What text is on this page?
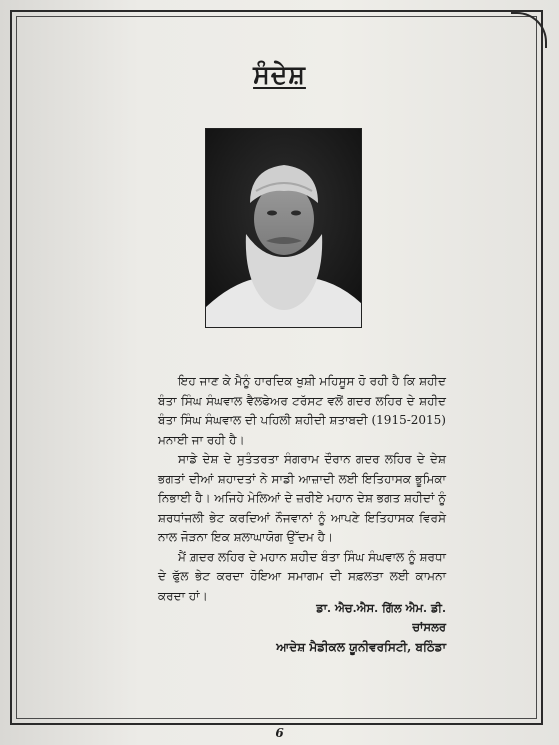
ਸੰਦੇਸ਼

ਇਹ ਜਾਣ ਕੇ ਮੈਨੂੰ ਹਾਰਦਿਕ ਖੁਸ਼ੀ ਮਹਿਸੂਸ ਹੋ ਰਹੀ ਹੈ ਕਿ ਸ਼ਹੀਦ ਬੰਤਾ ਸਿੰਘ ਸੰਘਵਾਲ ਵੈਲਫੇਅਰ ਟਰੱਸਟ ਵਲੋਂ ਗਦਰ ਲਹਿਰ ਦੇ ਸ਼ਹੀਦ ਬੰਤਾ ਸਿੰਘ ਸੰਘਵਾਲ ਦੀ ਪਹਿਲੀ ਸ਼ਹੀਦੀ ਸ਼ਤਾਬਦੀ (1915-2015) ਮਨਾਈ ਜਾ ਰਹੀ ਹੈ।

ਸਾਡੇ ਦੇਸ਼ ਦੇ ਸੁਤੰਤਰਤਾ ਸੰਗਰਾਮ ਦੌਰਾਨ ਗਦਰ ਲਹਿਰ ਦੇ ਦੇਸ਼ ਭਗਤਾਂ ਦੀਆਂ ਸ਼ਹਾਦਤਾਂ ਨੇ ਸਾਡੀ ਆਜ਼ਾਦੀ ਲਈ ਇਤਿਹਾਸਕ ਭੂਮਿਕਾ ਨਿਭਾਈ ਹੈ। ਅਜਿਹੇ ਮੇਲਿਆਂ ਦੇ ਜ਼ਰੀਏ ਮਹਾਨ ਦੇਸ਼ ਭਗਤ ਸ਼ਹੀਦਾਂ ਨੂੰ ਸ਼ਰਧਾਂਜਲੀ ਭੇਟ ਕਰਦਿਆਂ ਨੌਜਵਾਨਾਂ ਨੂੰ ਆਪਣੇ ਇਤਿਹਾਸਕ ਵਿਰਸੇ ਨਾਲ ਜੋੜਨਾ ਇਕ ਸ਼ਲਾਘਾਯੋਗ ਉੱਦਮ ਹੈ।

ਮੈਂ ਗ਼ਦਰ ਲਹਿਰ ਦੇ ਮਹਾਨ ਸ਼ਹੀਦ ਬੰਤਾ ਸਿੰਘ ਸੰਘਵਾਲ ਨੂੰ ਸ਼ਰਧਾ ਦੇ ਫੁੱਲ ਭੇਟ ਕਰਦਾ ਹੋਇਆ ਸਮਾਗਮ ਦੀ ਸਫ਼ਲਤਾ ਲਈ ਕਾਮਨਾ ਕਰਦਾ ਹਾਂ।

ਡਾ. ਐਚ.ਐਸ. ਗਿੱਲ ਐਮ. ਡੀ.
ਚਾਂਸਲਰ
ਆਦੇਸ਼ ਮੈਡੀਕਲ ਯੂਨੀਵਰਸਿਟੀ, ਬਠਿੰਡਾ
6
